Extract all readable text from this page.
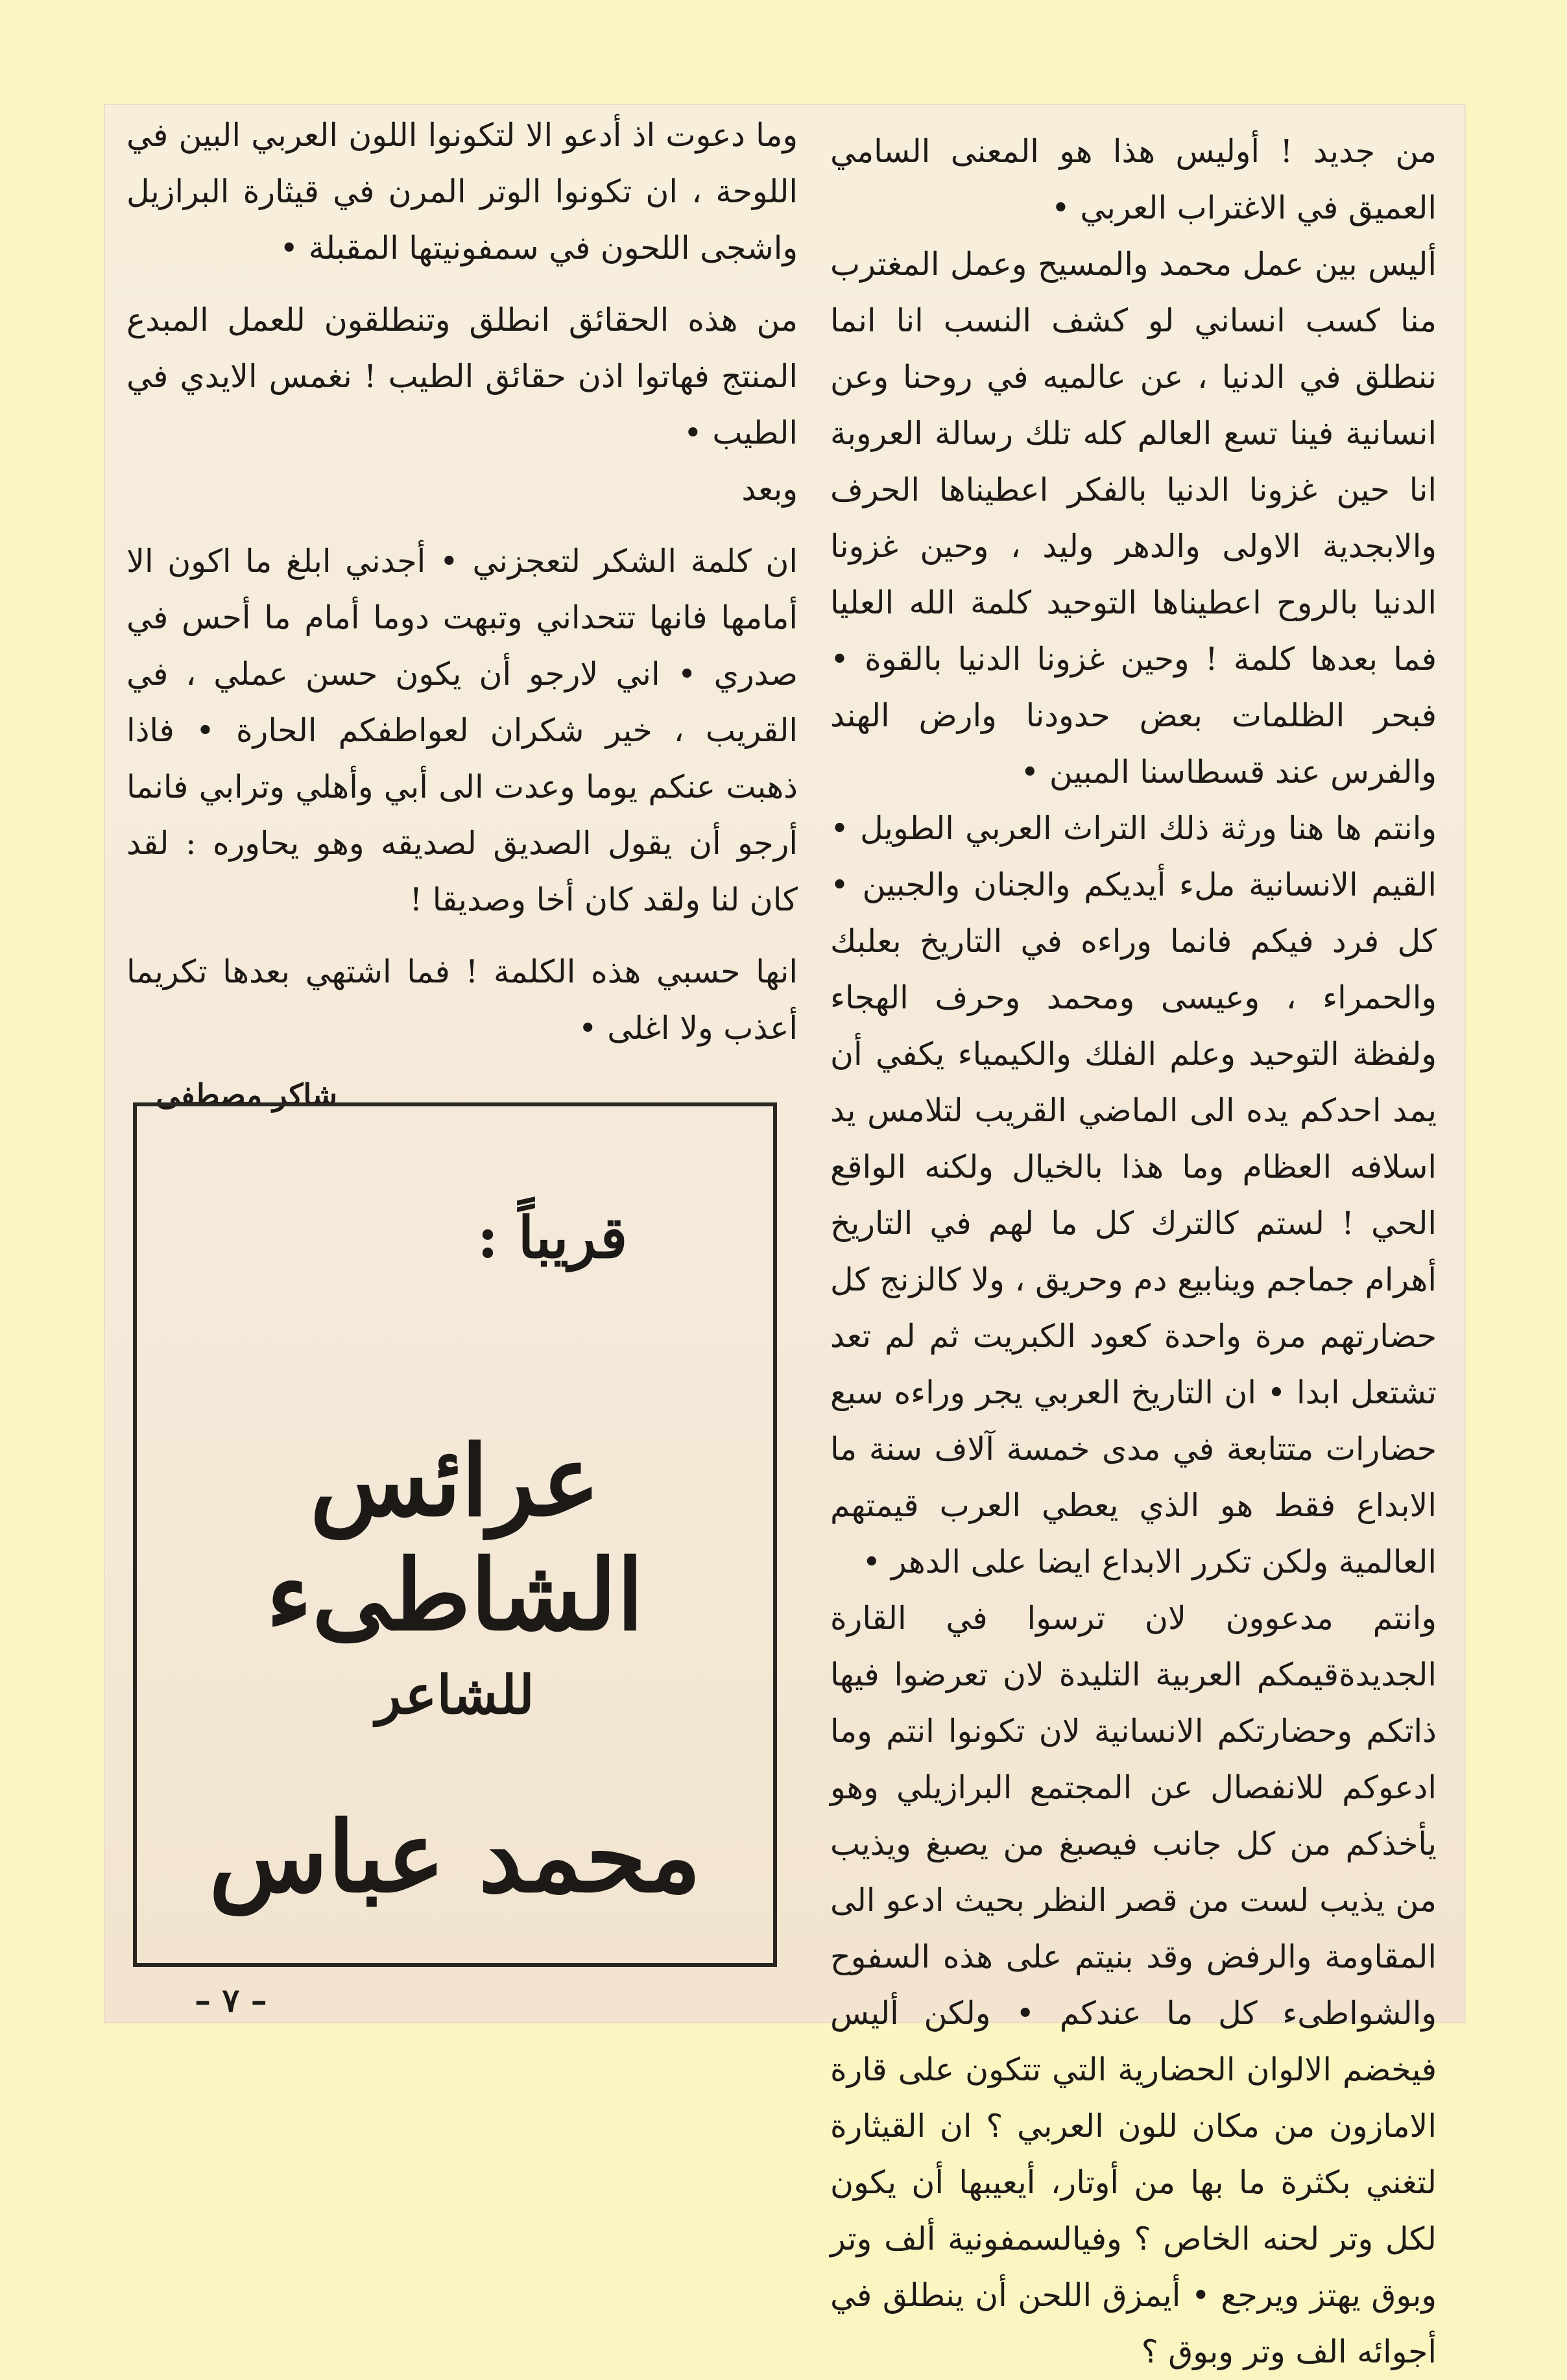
من جديد ! أوليس هذا هو المعنى السامي العميق في الاغتراب العربي •

أليس بين عمل محمد والمسيح وعمل المغترب منا كسب انساني لو كشف النسب انا انما ننطلق في الدنيا ، عن عالميه في روحنا وعن انسانية فينا تسع العالم كله تلك رسالة العروبة انا حين غزونا الدنيا بالفكر اعطيناها الحرف والابجدية الاولى والدهر وليد ، وحين غزونا الدنيا بالروح اعطيناها التوحيد كلمة الله العليا فما بعدها كلمة ! وحين غزونا الدنيا بالقوة • فبحر الظلمات بعض حدودنا وارض الهند والفرس عند قسطاسنا المبين •

وانتم ها هنا ورثة ذلك التراث العربي الطويل • القيم الانسانية ملء أيديكم والجنان والجبين • كل فرد فيكم فانما وراءه في التاريخ بعلبك والحمراء ، وعيسى ومحمد وحرف الهجاء ولفظة التوحيد وعلم الفلك والكيمياء يكفي أن يمد احدكم يده الى الماضي القريب لتلامس يد اسلافه العظام وما هذا بالخيال ولكنه الواقع الحي ! لستم كالترك كل ما لهم في التاريخ أهرام جماجم وينابيع دم وحريق ، ولا كالزنج كل حضارتهم مرة واحدة كعود الكبريت ثم لم تعد تشتعل ابدا • ان التاريخ العربي يجر وراءه سبع حضارات متتابعة في مدى خمسة آلاف سنة ما الابداع فقط هو الذي يعطي العرب قيمتهم العالمية ولكن تكرر الابداع ايضا على الدهر •

وانتم مدعوون لان ترسوا في القارة الجديدةقيمكم العربية التليدة لان تعرضوا فيها ذاتكم وحضارتكم الانسانية لان تكونوا انتم وما ادعوكم للانفصال عن المجتمع البرازيلي وهو يأخذكم من كل جانب فيصبغ من يصبغ ويذيب من يذيب لست من قصر النظر بحيث ادعو الى المقاومة والرفض وقد بنيتم على هذه السفوح والشواطىء كل ما عندكم • ولكن أليس فيخضم الالوان الحضارية التي تتكون على قارة الامازون من مكان للون العربي ؟ ان القيثارة لتغني بكثرة ما بها من أوتار، أيعيبها أن يكون لكل وتر لحنه الخاص ؟ وفيالسمفونية ألف وتر وبوق يهتز ويرجع • أيمزق اللحن أن ينطلق في أجوائه الف وتر وبوق ؟

وما دعوت اذ أدعو الا لتكونوا اللون العربي البين في اللوحة ، ان تكونوا الوتر المرن في قيثارة البرازيل واشجى اللحون في سمفونيتها المقبلة •

من هذه الحقائق انطلق وتنطلقون للعمل المبدع المنتج فهاتوا اذن حقائق الطيب ! نغمس الايدي في الطيب •

وبعد

ان كلمة الشكر لتعجزني • أجدني ابلغ ما اكون الا أمامها فانها تتحداني وتبهت دوما أمام ما أحس في صدري • اني لارجو أن يكون حسن عملي ، في القريب ، خير شكران لعواطفكم الحارة • فاذا ذهبت عنكم يوما وعدت الى أبي وأهلي وترابي فانما أرجو أن يقول الصديق لصديقه وهو يحاوره : لقد كان لنا ولقد كان أخا وصديقا !

انها حسبي هذه الكلمة ! فما اشتهي بعدها تكريما أعذب ولا اغلى •

شاكر مصطفى

قريباً :
عرائس الشاطىء
للشاعر
محمد عباس
– ٧ –
